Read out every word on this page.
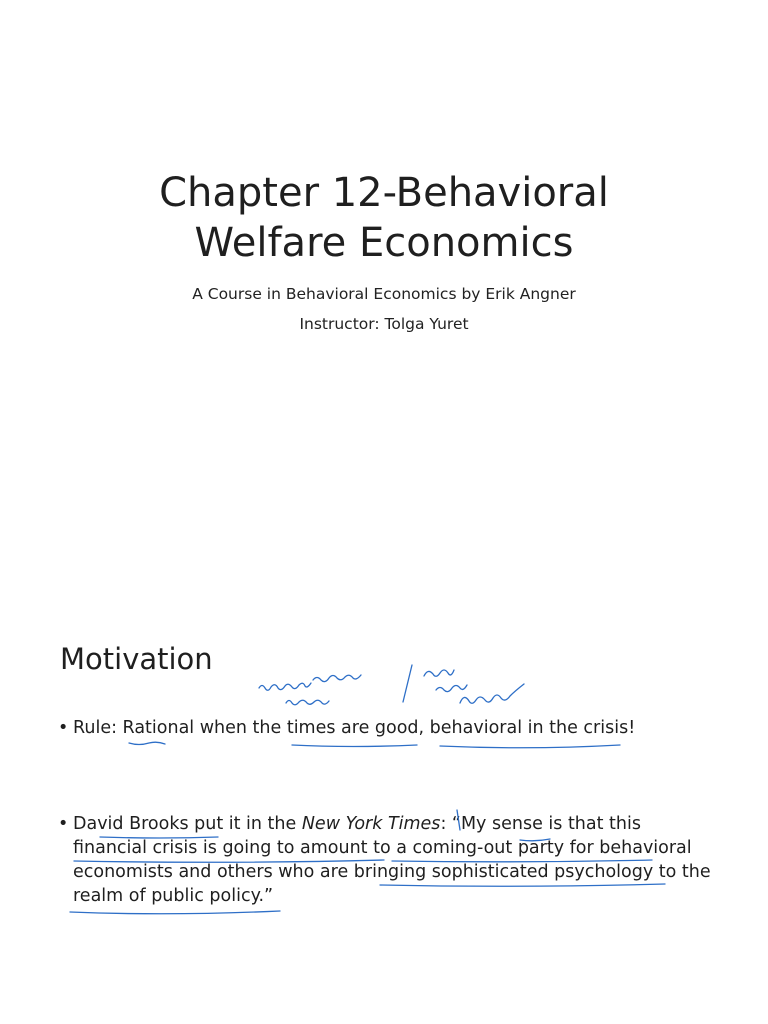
Chapter 12-Behavioral
Welfare Economics
A Course in Behavioral Economics by Erik Angner
Instructor: Tolga Yuret
Motivation
• Rule: Rational when the times are good, behavioral in the crisis!
• David Brooks put it in the New York Times: “My sense is that this financial crisis is going to amount to a coming-out party for behavioral economists and others who are bringing sophisticated psychology to the realm of public policy.”
